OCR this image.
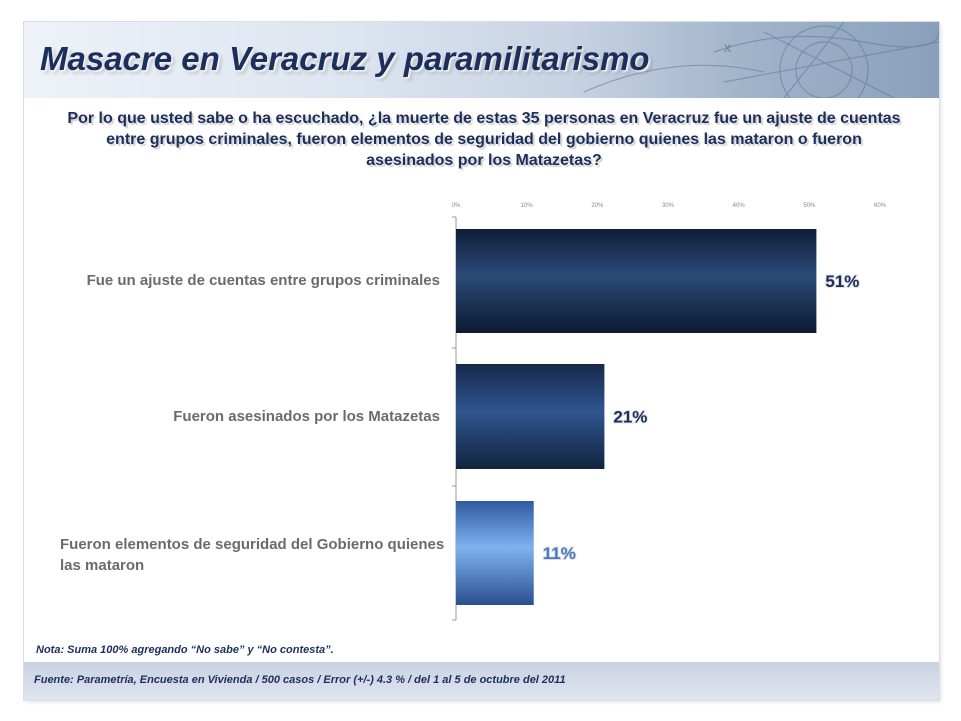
x
Masacre en Veracruz y paramilitarismo
Por lo que usted sabe o ha escuchado, ¿la muerte de estas 35 personas en Veracruz fue un ajuste de cuentas entre grupos criminales, fueron elementos de seguridad del gobierno quienes las mataron o fueron asesinados por los Matazetas?
0%	10%	20%	30%	40%	50%	60%
51%
21%
11%
Fue un ajuste de cuentas entre grupos criminales
Fueron asesinados por los Matazetas
Fueron elementos de seguridad del Gobierno quienes las mataron
Nota: Suma 100% agregando “No sabe” y “No contesta”.
Fuente: Parametría, Encuesta en Vivienda / 500 casos / Error (+/-) 4.3 % / del 1 al 5 de octubre del 2011
